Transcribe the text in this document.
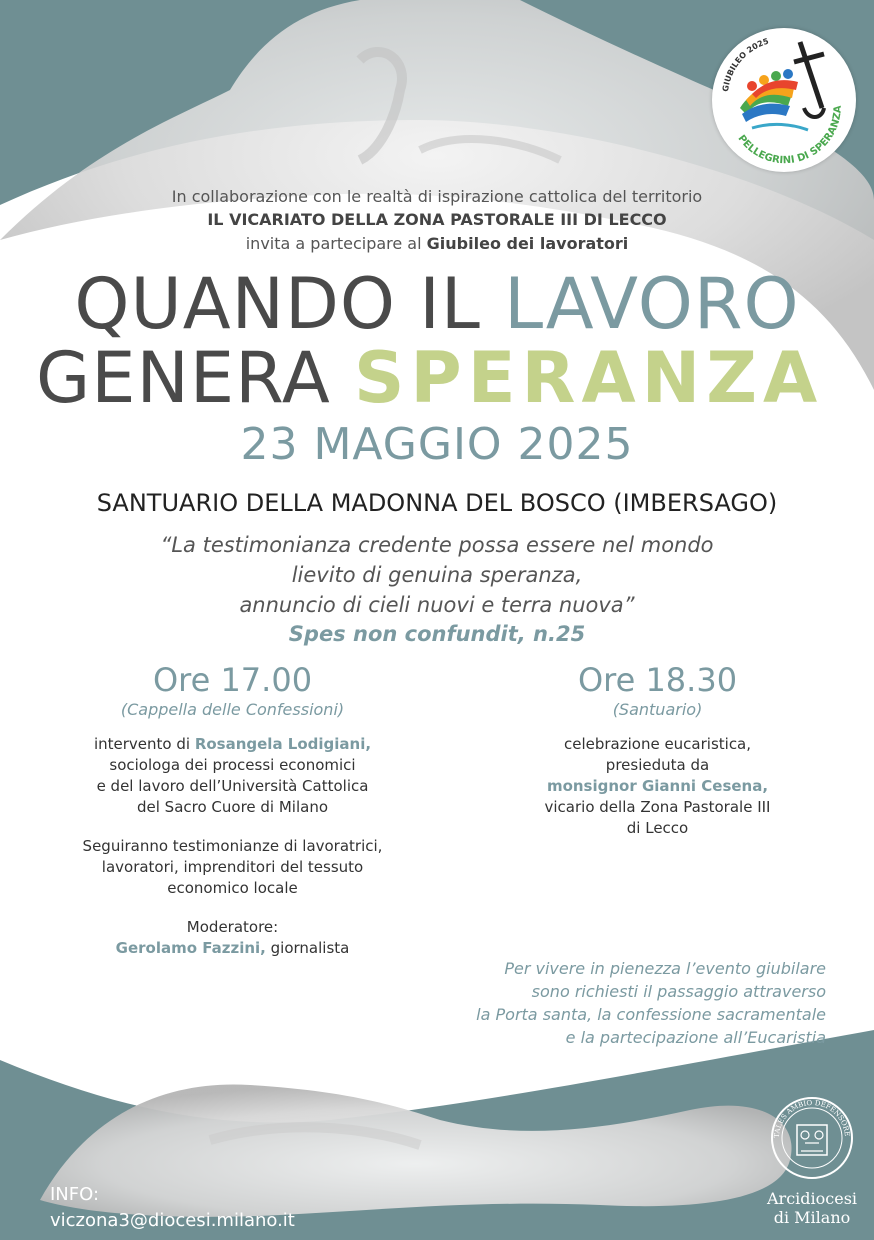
GIUBILEO 2025
PELLEGRINI DI SPERANZA
In collaborazione con le realtà di ispirazione cattolica del territorio
IL VICARIATO DELLA ZONA PASTORALE III DI LECCO
invita a partecipare al Giubileo dei lavoratori
QUANDO IL LAVORO
GENERA SPERANZA
23 MAGGIO 2025
SANTUARIO DELLA MADONNA DEL BOSCO (IMBERSAGO)
“La testimonianza credente possa essere nel mondo
lievito di genuina speranza,
annuncio di cieli nuovi e terra nuova”
Spes non confundit, n.25
Ore 17.00
(Cappella delle Confessioni)
intervento di Rosangela Lodigiani,
sociologa dei processi economici
e del lavoro dell’Università Cattolica
del Sacro Cuore di Milano
Seguiranno testimonianze di lavoratrici,
lavoratori, imprenditori del tessuto
economico locale
Moderatore:
Gerolamo Fazzini, giornalista
Ore 18.30
(Santuario)
celebrazione eucaristica,
presieduta da
monsignor Gianni Cesena,
vicario della Zona Pastorale III
di Lecco
Per vivere in pienezza l’evento giubilare
sono richiesti il passaggio attraverso
la Porta santa, la confessione sacramentale
e la partecipazione all’Eucaristia
INFO:
viczona3@diocesi.milano.it
TALES AMBIO DEFENSORE
Arcidiocesi
di Milano
